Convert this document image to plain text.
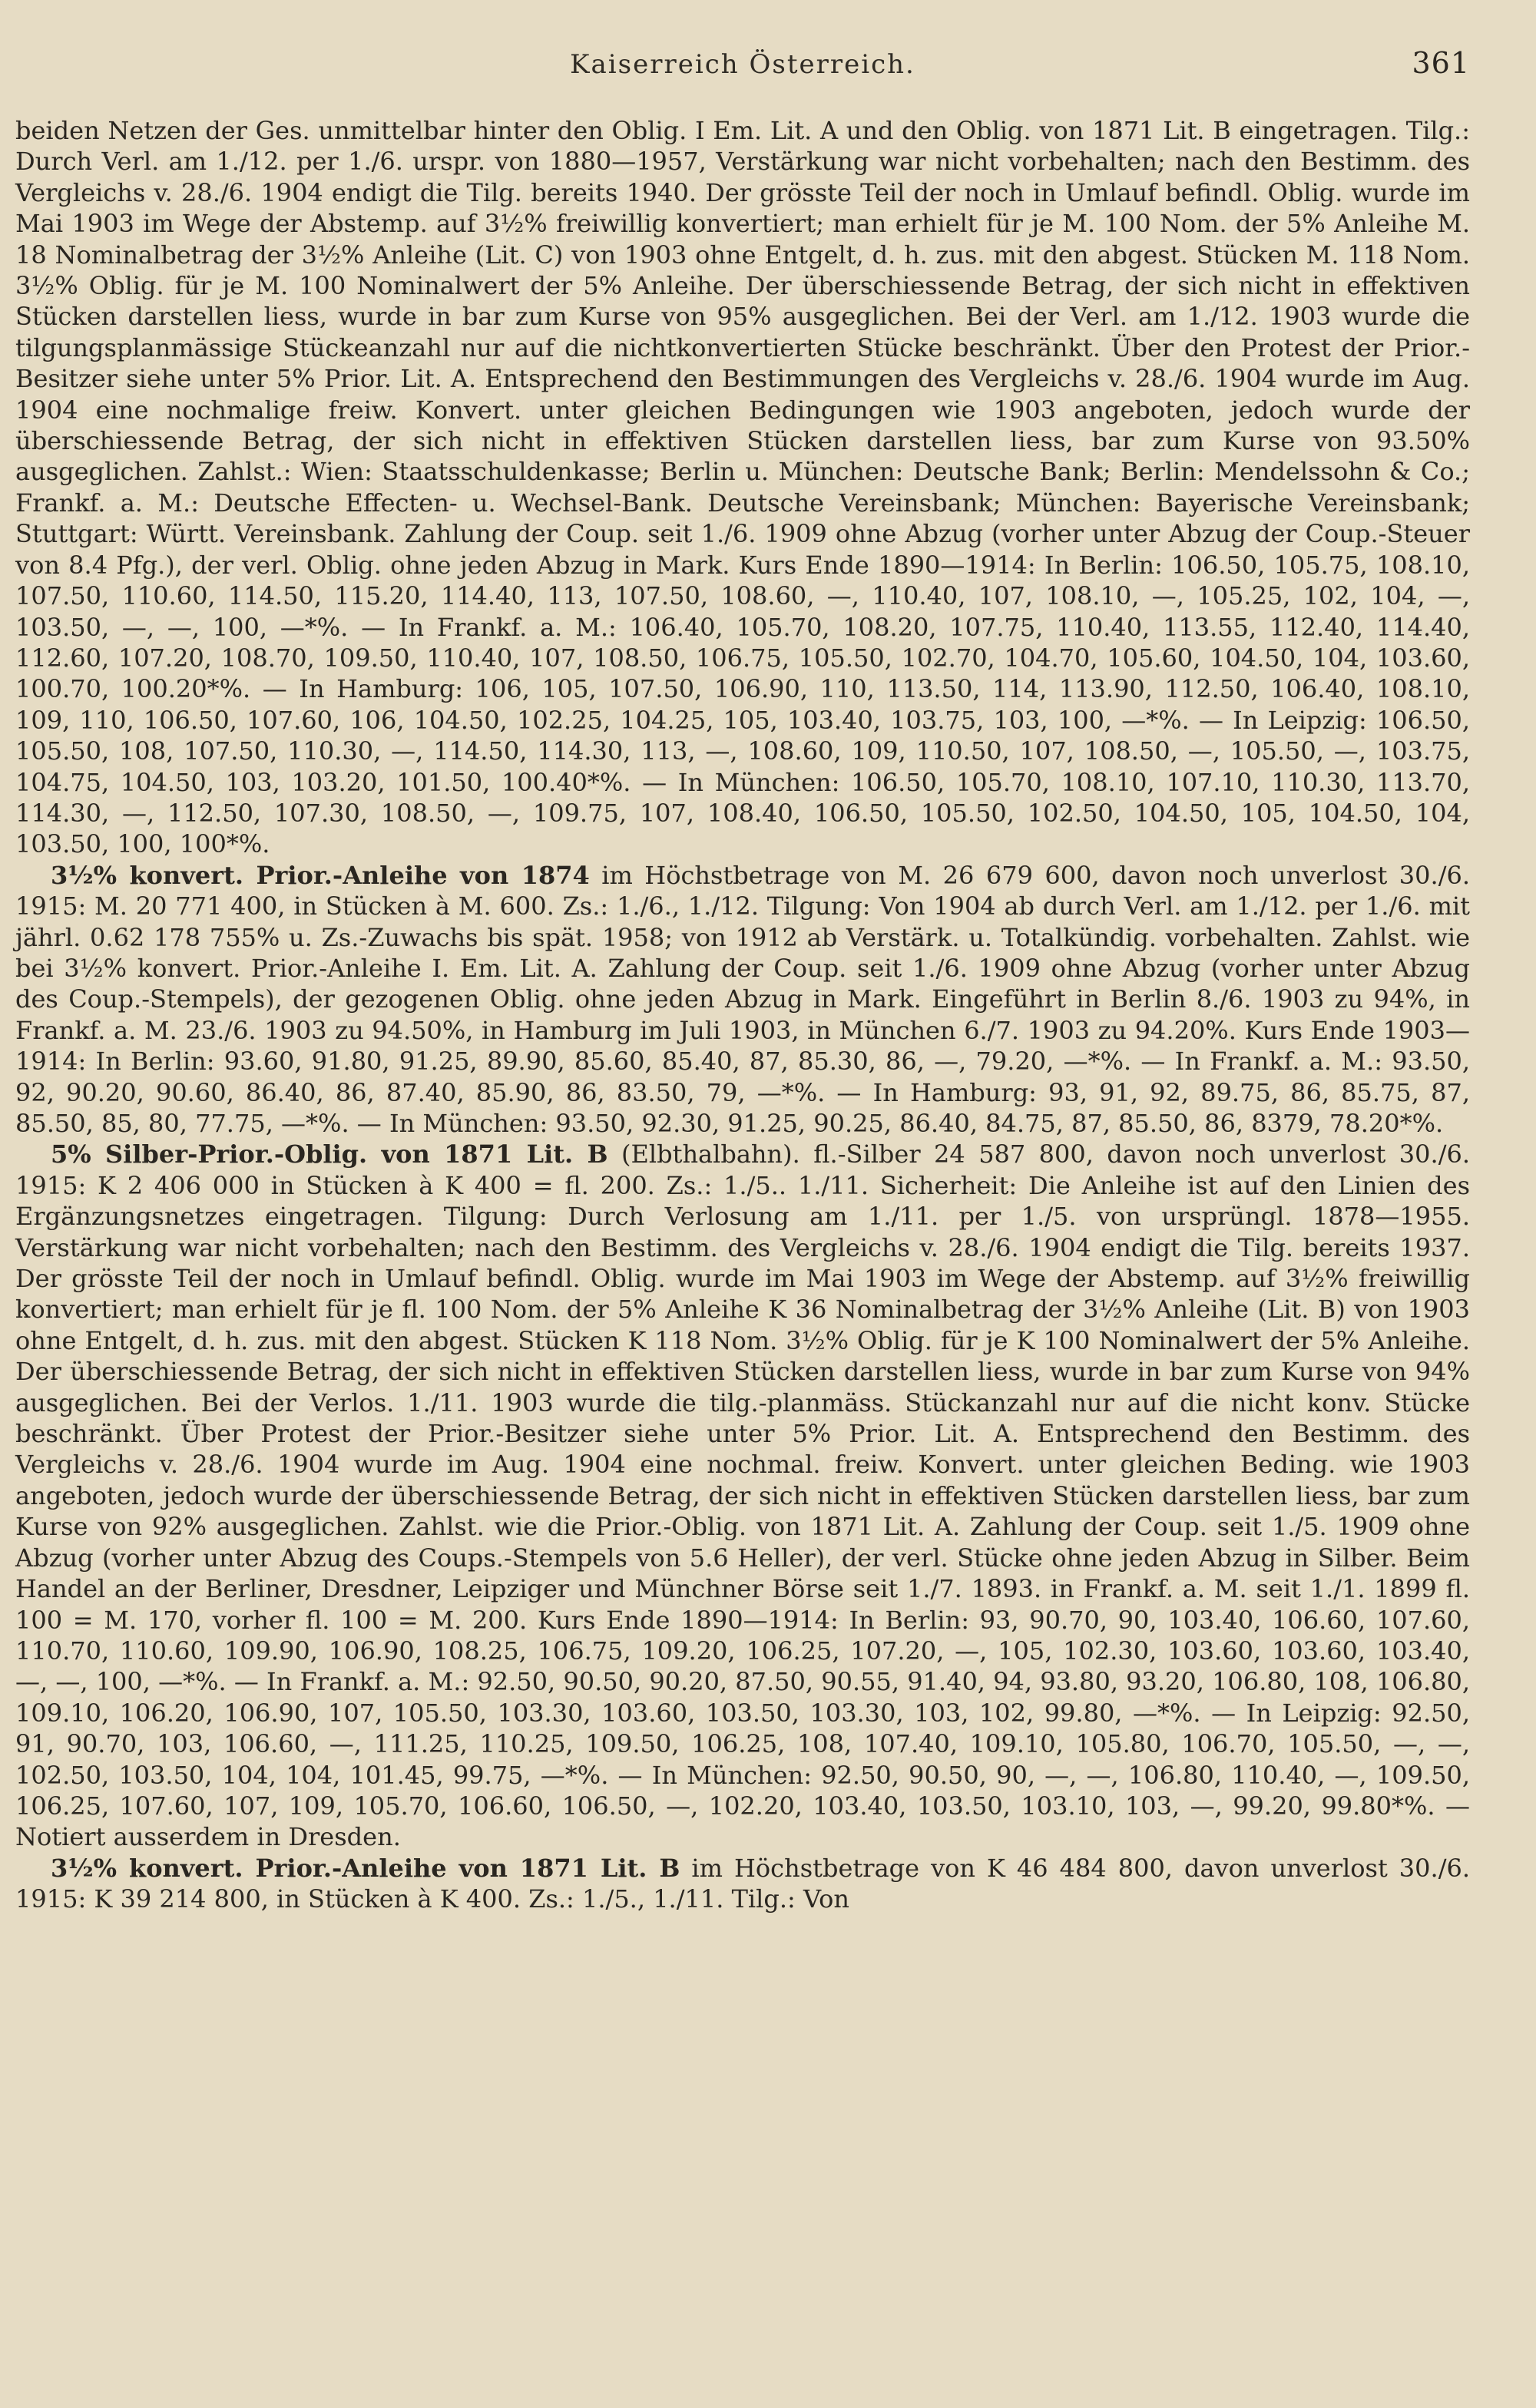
Kaiserreich Österreich.	361

beiden Netzen der Ges. unmittelbar hinter den Oblig. I Em. Lit. A und den Oblig. von 1871 Lit. B eingetragen. Tilg.: Durch Verl. am 1./12. per 1./6. urspr. von 1880—1957, Verstärkung war nicht vorbehalten; nach den Bestimm. des Vergleichs v. 28./6. 1904 endigt die Tilg. bereits 1940. Der grösste Teil der noch in Umlauf befindl. Oblig. wurde im Mai 1903 im Wege der Abstemp. auf 3½% freiwillig konvertiert; man erhielt für je M. 100 Nom. der 5% Anleihe M. 18 Nominalbetrag der 3½% Anleihe (Lit. C) von 1903 ohne Entgelt, d. h. zus. mit den abgest. Stücken M. 118 Nom. 3½% Oblig. für je M. 100 Nominalwert der 5% Anleihe. Der überschiessende Betrag, der sich nicht in effektiven Stücken darstellen liess, wurde in bar zum Kurse von 95% ausgeglichen. Bei der Verl. am 1./12. 1903 wurde die tilgungsplanmässige Stückeanzahl nur auf die nichtkonvertierten Stücke beschränkt. Über den Protest der Prior.-Besitzer siehe unter 5% Prior. Lit. A. Entsprechend den Bestimmungen des Vergleichs v. 28./6. 1904 wurde im Aug. 1904 eine nochmalige freiw. Konvert. unter gleichen Bedingungen wie 1903 angeboten, jedoch wurde der überschiessende Betrag, der sich nicht in effektiven Stücken darstellen liess, bar zum Kurse von 93.50% ausgeglichen. Zahlst.: Wien: Staatsschuldenkasse; Berlin u. München: Deutsche Bank; Berlin: Mendelssohn & Co.; Frankf. a. M.: Deutsche Effecten- u. Wechsel-Bank. Deutsche Vereinsbank; München: Bayerische Vereinsbank; Stuttgart: Württ. Vereinsbank. Zahlung der Coup. seit 1./6. 1909 ohne Abzug (vorher unter Abzug der Coup.-Steuer von 8.4 Pfg.), der verl. Oblig. ohne jeden Abzug in Mark. Kurs Ende 1890—1914: In Berlin: 106.50, 105.75, 108.10, 107.50, 110.60, 114.50, 115.20, 114.40, 113, 107.50, 108.60, —, 110.40, 107, 108.10, —, 105.25, 102, 104, —, 103.50, —, —, 100, —*%. — In Frankf. a. M.: 106.40, 105.70, 108.20, 107.75, 110.40, 113.55, 112.40, 114.40, 112.60, 107.20, 108.70, 109.50, 110.40, 107, 108.50, 106.75, 105.50, 102.70, 104.70, 105.60, 104.50, 104, 103.60, 100.70, 100.20*%. — In Hamburg: 106, 105, 107.50, 106.90, 110, 113.50, 114, 113.90, 112.50, 106.40, 108.10, 109, 110, 106.50, 107.60, 106, 104.50, 102.25, 104.25, 105, 103.40, 103.75, 103, 100, —*%. — In Leipzig: 106.50, 105.50, 108, 107.50, 110.30, —, 114.50, 114.30, 113, —, 108.60, 109, 110.50, 107, 108.50, —, 105.50, —, 103.75, 104.75, 104.50, 103, 103.20, 101.50, 100.40*%. — In München: 106.50, 105.70, 108.10, 107.10, 110.30, 113.70, 114.30, —, 112.50, 107.30, 108.50, —, 109.75, 107, 108.40, 106.50, 105.50, 102.50, 104.50, 105, 104.50, 104, 103.50, 100, 100*%.

3½% konvert. Prior.-Anleihe von 1874 im Höchstbetrage von M. 26 679 600, davon noch unverlost 30./6. 1915: M. 20 771 400, in Stücken à M. 600. Zs.: 1./6., 1./12. Tilgung: Von 1904 ab durch Verl. am 1./12. per 1./6. mit jährl. 0.62 178 755% u. Zs.-Zuwachs bis spät. 1958; von 1912 ab Verstärk. u. Totalkündig. vorbehalten. Zahlst. wie bei 3½% konvert. Prior.-Anleihe I. Em. Lit. A. Zahlung der Coup. seit 1./6. 1909 ohne Abzug (vorher unter Abzug des Coup.-Stempels), der gezogenen Oblig. ohne jeden Abzug in Mark. Eingeführt in Berlin 8./6. 1903 zu 94%, in Frankf. a. M. 23./6. 1903 zu 94.50%, in Hamburg im Juli 1903, in München 6./7. 1903 zu 94.20%. Kurs Ende 1903—1914: In Berlin: 93.60, 91.80, 91.25, 89.90, 85.60, 85.40, 87, 85.30, 86, —, 79.20, —*%. — In Frankf. a. M.: 93.50, 92, 90.20, 90.60, 86.40, 86, 87.40, 85.90, 86, 83.50, 79, —*%. — In Hamburg: 93, 91, 92, 89.75, 86, 85.75, 87, 85.50, 85, 80, 77.75, —*%. — In München: 93.50, 92.30, 91.25, 90.25, 86.40, 84.75, 87, 85.50, 86, 8379, 78.20*%.

5% Silber-Prior.-Oblig. von 1871 Lit. B (Elbthalbahn). fl.-Silber 24 587 800, davon noch unverlost 30./6. 1915: K 2 406 000 in Stücken à K 400 = fl. 200. Zs.: 1./5.. 1./11. Sicherheit: Die Anleihe ist auf den Linien des Ergänzungsnetzes eingetragen. Tilgung: Durch Verlosung am 1./11. per 1./5. von ursprüngl. 1878—1955. Verstärkung war nicht vorbehalten; nach den Bestimm. des Vergleichs v. 28./6. 1904 endigt die Tilg. bereits 1937. Der grösste Teil der noch in Umlauf befindl. Oblig. wurde im Mai 1903 im Wege der Abstemp. auf 3½% freiwillig konvertiert; man erhielt für je fl. 100 Nom. der 5% Anleihe K 36 Nominalbetrag der 3½% Anleihe (Lit. B) von 1903 ohne Entgelt, d. h. zus. mit den abgest. Stücken K 118 Nom. 3½% Oblig. für je K 100 Nominalwert der 5% Anleihe. Der überschiessende Betrag, der sich nicht in effektiven Stücken darstellen liess, wurde in bar zum Kurse von 94% ausgeglichen. Bei der Verlos. 1./11. 1903 wurde die tilg.-planmäss. Stückanzahl nur auf die nicht konv. Stücke beschränkt. Über Protest der Prior.-Besitzer siehe unter 5% Prior. Lit. A. Entsprechend den Bestimm. des Vergleichs v. 28./6. 1904 wurde im Aug. 1904 eine nochmal. freiw. Konvert. unter gleichen Beding. wie 1903 angeboten, jedoch wurde der überschiessende Betrag, der sich nicht in effektiven Stücken darstellen liess, bar zum Kurse von 92% ausgeglichen. Zahlst. wie die Prior.-Oblig. von 1871 Lit. A. Zahlung der Coup. seit 1./5. 1909 ohne Abzug (vorher unter Abzug des Coups.-Stempels von 5.6 Heller), der verl. Stücke ohne jeden Abzug in Silber. Beim Handel an der Berliner, Dresdner, Leipziger und Münchner Börse seit 1./7. 1893. in Frankf. a. M. seit 1./1. 1899 fl. 100 = M. 170, vorher fl. 100 = M. 200. Kurs Ende 1890—1914: In Berlin: 93, 90.70, 90, 103.40, 106.60, 107.60, 110.70, 110.60, 109.90, 106.90, 108.25, 106.75, 109.20, 106.25, 107.20, —, 105, 102.30, 103.60, 103.60, 103.40, —, —, 100, —*%. — In Frankf. a. M.: 92.50, 90.50, 90.20, 87.50, 90.55, 91.40, 94, 93.80, 93.20, 106.80, 108, 106.80, 109.10, 106.20, 106.90, 107, 105.50, 103.30, 103.60, 103.50, 103.30, 103, 102, 99.80, —*%. — In Leipzig: 92.50, 91, 90.70, 103, 106.60, —, 111.25, 110.25, 109.50, 106.25, 108, 107.40, 109.10, 105.80, 106.70, 105.50, —, —, 102.50, 103.50, 104, 104, 101.45, 99.75, —*%. — In München: 92.50, 90.50, 90, —, —, 106.80, 110.40, —, 109.50, 106.25, 107.60, 107, 109, 105.70, 106.60, 106.50, —, 102.20, 103.40, 103.50, 103.10, 103, —, 99.20, 99.80*%. — Notiert ausserdem in Dresden.

3½% konvert. Prior.-Anleihe von 1871 Lit. B im Höchstbetrage von K 46 484 800, davon unverlost 30./6. 1915: K 39 214 800, in Stücken à K 400. Zs.: 1./5., 1./11. Tilg.: Von
